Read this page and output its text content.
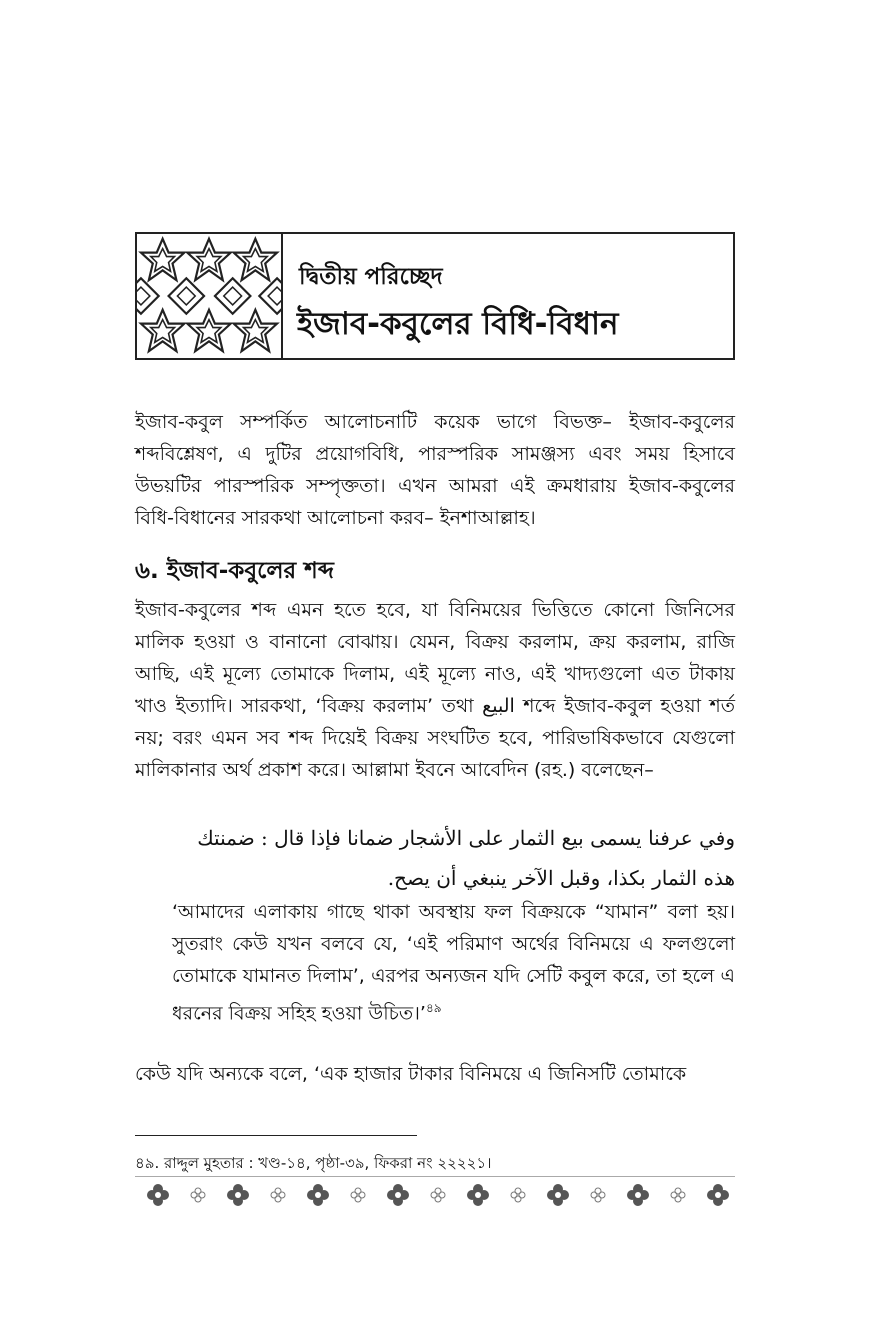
দ্বিতীয় পরিচ্ছেদ
ইজাব-কবুলের বিধি-বিধান
ইজাব-কবুল সম্পর্কিত আলোচনাটি কয়েক ভাগে বিভক্ত– ইজাব-কবুলের শব্দবিশ্লেষণ, এ দুটির প্রয়োগবিধি, পারস্পরিক সামঞ্জস্য এবং সময় হিসাবে উভয়টির পারস্পরিক সম্পৃক্ততা। এখন আমরা এই ক্রমধারায় ইজাব-কবুলের বিধি-বিধানের সারকথা আলোচনা করব– ইনশাআল্লাহ।
৬. ইজাব-কবুলের শব্দ
ইজাব-কবুলের শব্দ এমন হতে হবে, যা বিনিময়ের ভিত্তিতে কোনো জিনিসের মালিক হওয়া ও বানানো বোঝায়। যেমন, বিক্রয় করলাম, ক্রয় করলাম, রাজি আছি, এই মূল্যে তোমাকে দিলাম, এই মূল্যে নাও, এই খাদ্যগুলো এত টাকায় খাও ইত্যাদি। সারকথা, ‘বিক্রয় করলাম’ তথা البيع শব্দে ইজাব-কবুল হওয়া শর্ত নয়; বরং এমন সব শব্দ দিয়েই বিক্রয় সংঘটিত হবে, পারিভাষিকভাবে যেগুলো মালিকানার অর্থ প্রকাশ করে। আল্লামা ইবনে আবেদিন (রহ.) বলেছেন–
وفي عرفنا يسمى بيع الثمار على الأشجار ضمانا فإذا قال : ضمنتك هذه الثمار بكذا، وقبل الآخر ينبغي أن يصح.
‘আমাদের এলাকায় গাছে থাকা অবস্থায় ফল বিক্রয়কে “যামান” বলা হয়। সুতরাং কেউ যখন বলবে যে, ‘এই পরিমাণ অর্থের বিনিময়ে এ ফলগুলো তোমাকে যামানত দিলাম’, এরপর অন্যজন যদি সেটি কবুল করে, তা হলে এ ধরনের বিক্রয় সহিহ হওয়া উচিত।’$^{৪৯}$
কেউ যদি অন্যকে বলে, ‘এক হাজার টাকার বিনিময়ে এ জিনিসটি তোমাকে
৪৯. রাদ্দুল মুহতার : খণ্ড-১৪, পৃষ্ঠা-৩৯, ফিকরা নং ২২২২১।
